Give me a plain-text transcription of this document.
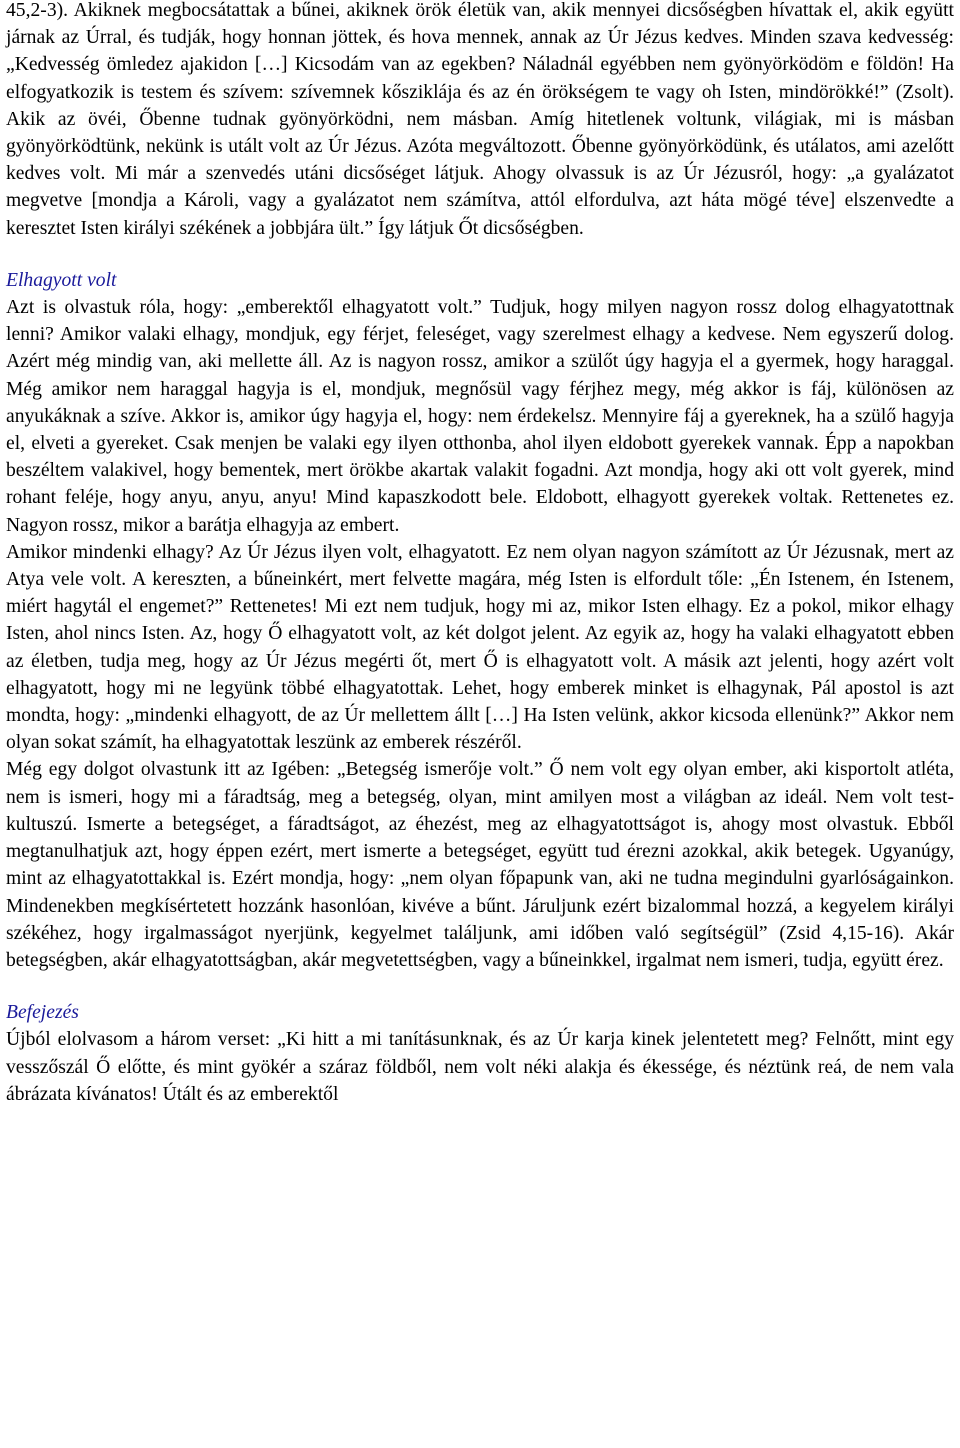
45,2-3). Akiknek megbocsátattak a bűnei, akiknek örök életük van, akik mennyei dicsőségben hívattak el, akik együtt járnak az Úrral, és tudják, hogy honnan jöttek, és hova mennek, annak az Úr Jézus kedves. Minden szava kedvesség: „Kedvesség ömledez ajakidon […] Kicsodám van az egekben? Náladnál egyébben nem gyönyörködöm e földön! Ha elfogyatkozik is testem és szívem: szívemnek kősziklája és az én örökségem te vagy oh Isten, mindörökké!” (Zsolt). Akik az övéi, Őbenne tudnak gyönyörködni, nem másban. Amíg hitetlenek voltunk, világiak, mi is másban gyönyörködtünk, nekünk is utált volt az Úr Jézus. Azóta megváltozott. Őbenne gyönyörködünk, és utálatos, ami azelőtt kedves volt. Mi már a szenvedés utáni dicsőséget látjuk. Ahogy olvassuk is az Úr Jézusról, hogy: „a gyalázatot megvetve [mondja a Károli, vagy a gyalázatot nem számítva, attól elfordulva, azt háta mögé téve] elszenvedte a keresztet Isten királyi székének a jobbjára ült.” Így látjuk Őt dicsőségben.

Elhagyott volt

Azt is olvastuk róla, hogy: „emberektől elhagyatott volt.” Tudjuk, hogy milyen nagyon rossz dolog elhagyatottnak lenni? Amikor valaki elhagy, mondjuk, egy férjet, feleséget, vagy szerelmest elhagy a kedvese. Nem egyszerű dolog. Azért még mindig van, aki mellette áll. Az is nagyon rossz, amikor a szülőt úgy hagyja el a gyermek, hogy haraggal. Még amikor nem haraggal hagyja is el, mondjuk, megnősül vagy férjhez megy, még akkor is fáj, különösen az anyukáknak a szíve. Akkor is, amikor úgy hagyja el, hogy: nem érdekelsz. Mennyire fáj a gyereknek, ha a szülő hagyja el, elveti a gyereket. Csak menjen be valaki egy ilyen otthonba, ahol ilyen eldobott gyerekek vannak. Épp a napokban beszéltem valakivel, hogy bementek, mert örökbe akartak valakit fogadni. Azt mondja, hogy aki ott volt gyerek, mind rohant feléje, hogy anyu, anyu, anyu! Mind kapaszkodott bele. Eldobott, elhagyott gyerekek voltak. Rettenetes ez. Nagyon rossz, mikor a barátja elhagyja az embert.

Amikor mindenki elhagy? Az Úr Jézus ilyen volt, elhagyatott. Ez nem olyan nagyon számított az Úr Jézusnak, mert az Atya vele volt. A kereszten, a bűneinkért, mert felvette magára, még Isten is elfordult tőle: „Én Istenem, én Istenem, miért hagytál el engemet?” Rettenetes! Mi ezt nem tudjuk, hogy mi az, mikor Isten elhagy. Ez a pokol, mikor elhagy Isten, ahol nincs Isten. Az, hogy Ő elhagyatott volt, az két dolgot jelent. Az egyik az, hogy ha valaki elhagyatott ebben az életben, tudja meg, hogy az Úr Jézus megérti őt, mert Ő is elhagyatott volt. A másik azt jelenti, hogy azért volt elhagyatott, hogy mi ne legyünk többé elhagyatottak. Lehet, hogy emberek minket is elhagynak, Pál apostol is azt mondta, hogy: „mindenki elhagyott, de az Úr mellettem állt […] Ha Isten velünk, akkor kicsoda ellenünk?” Akkor nem olyan sokat számít, ha elhagyatottak leszünk az emberek részéről.

Még egy dolgot olvastunk itt az Igében: „Betegség ismerője volt.” Ő nem volt egy olyan ember, aki kisportolt atléta, nem is ismeri, hogy mi a fáradtság, meg a betegség, olyan, mint amilyen most a világban az ideál. Nem volt test-kultuszú. Ismerte a betegséget, a fáradtságot, az éhezést, meg az elhagyatottságot is, ahogy most olvastuk. Ebből megtanulhatjuk azt, hogy éppen ezért, mert ismerte a betegséget, együtt tud érezni azokkal, akik betegek. Ugyanúgy, mint az elhagyatottakkal is. Ezért mondja, hogy: „nem olyan főpapunk van, aki ne tudna megindulni gyarlóságainkon. Mindenekben megkísértetett hozzánk hasonlóan, kivéve a bűnt. Járuljunk ezért bizalommal hozzá, a kegyelem királyi székéhez, hogy irgalmasságot nyerjünk, kegyelmet találjunk, ami időben való segítségül” (Zsid 4,15-16). Akár betegségben, akár elhagyatottságban, akár megvetettségben, vagy a bűneinkkel, irgalmat nem ismeri, tudja, együtt érez.

Befejezés

Újból elolvasom a három verset: „Ki hitt a mi tanításunknak, és az Úr karja kinek jelentetett meg? Felnőtt, mint egy vesszőszál Ő előtte, és mint gyökér a száraz földből, nem volt néki alakja és ékessége, és néztünk reá, de nem vala ábrázata kívánatos! Útált és az emberektől
